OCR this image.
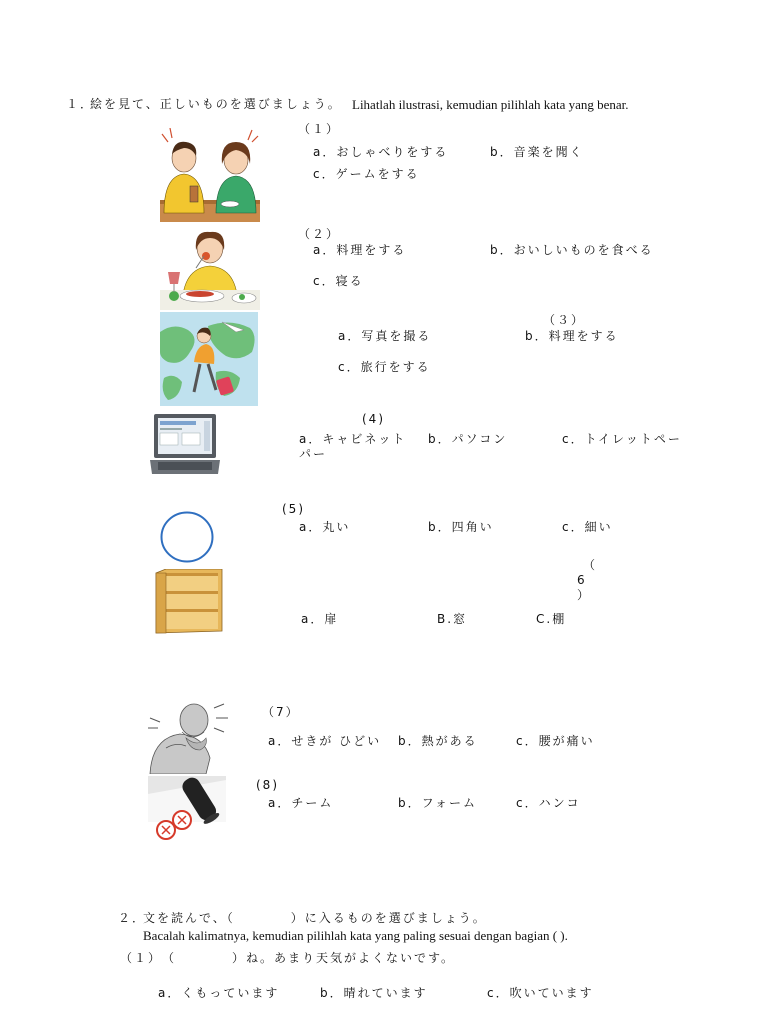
１．
絵を見て、正しいものを選びましょう。 Lihatlah ilustrasi, kemudian pilihlah kata yang benar.
（１）
a．おしゃべりをする	b．音楽を聞く
c．ゲームをする
（２）
a．料理をする	b．おいしいものを食べる
c．寝る
（３）
a．写真を撮る	b．料理をする
c．旅行をする
(4)
a．キャビネット b．パソコン	c．トイレットペー
パー
(5)
a．丸い	b．四角い	c．細い
（
6
）
a．扉	B.窓	C.棚
（7）
a．せきが ひどい b．熱がある	c．腰が痛い
(8)
a．チーム	b．フォーム	c．ハンコ
２．
文を読んで、（　　　　）に入るものを選びましょう。
Bacalah kalimatnya, kemudian pilihlah kata yang paling sesuai dengan bagian ( ).
（１） （　　　　）ね。あまり天気がよくないです。
a．くもっています	b．晴れています	c．吹いています
